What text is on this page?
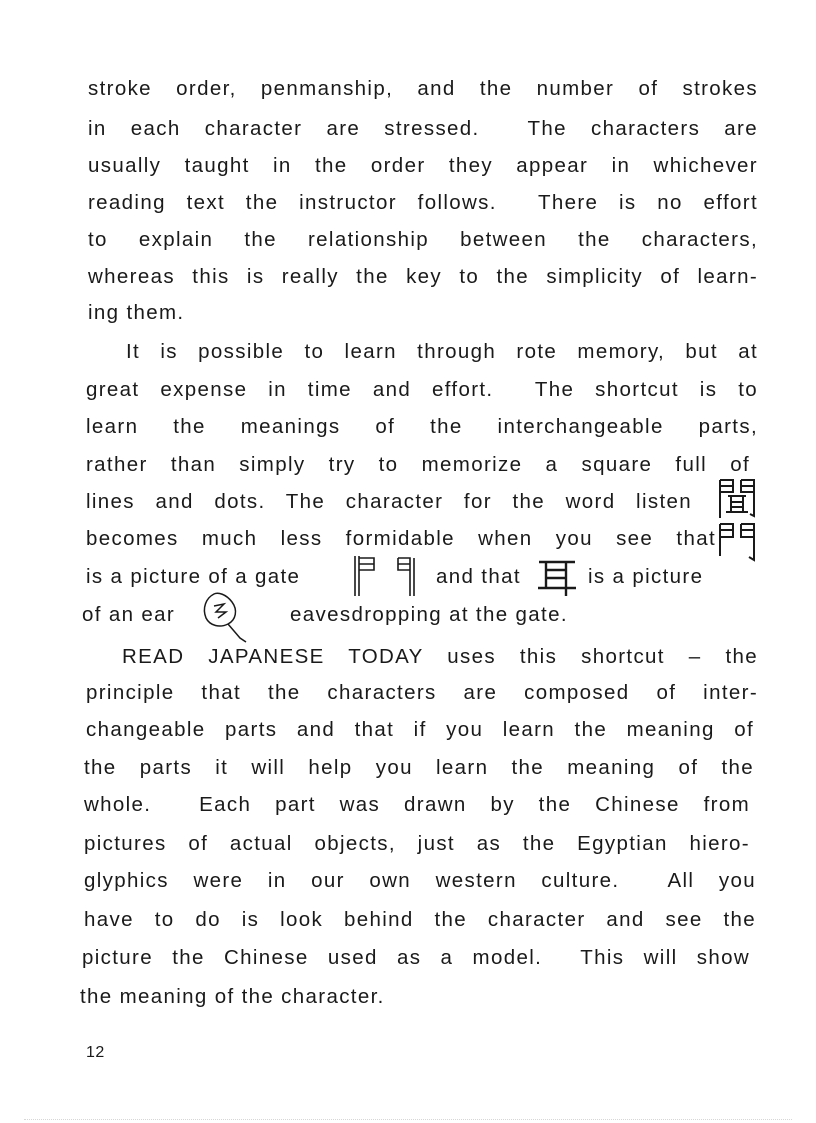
stroke order, penmanship, and the number of strokes
in each character are stressed.  The characters are
usually taught in the order they appear in whichever
reading text the instructor follows.  There is no effort
to explain the relationship between the characters,
whereas this is really the key to the simplicity of learn-
ing them.
It is possible to learn through rote memory, but at
great expense in time and effort.  The shortcut is to
learn the meanings of the interchangeable parts,
rather than simply try to memorize a square full of
lines and dots. The character for the word listen
becomes much less formidable when you see that
is a picture of a gate	and that	is a picture
of an ear	eavesdropping at the gate.
READ JAPANESE TODAY uses this shortcut – the
principle that the characters are composed of inter-
changeable parts and that if you learn the meaning of
the parts it will help you learn the meaning of the
whole.  Each part was drawn by the Chinese from
pictures of actual objects, just as the Egyptian hiero-
glyphics were in our own western culture.  All you
have to do is look behind the character and see the
picture the Chinese used as a model.  This will show
the meaning of the character.
12
